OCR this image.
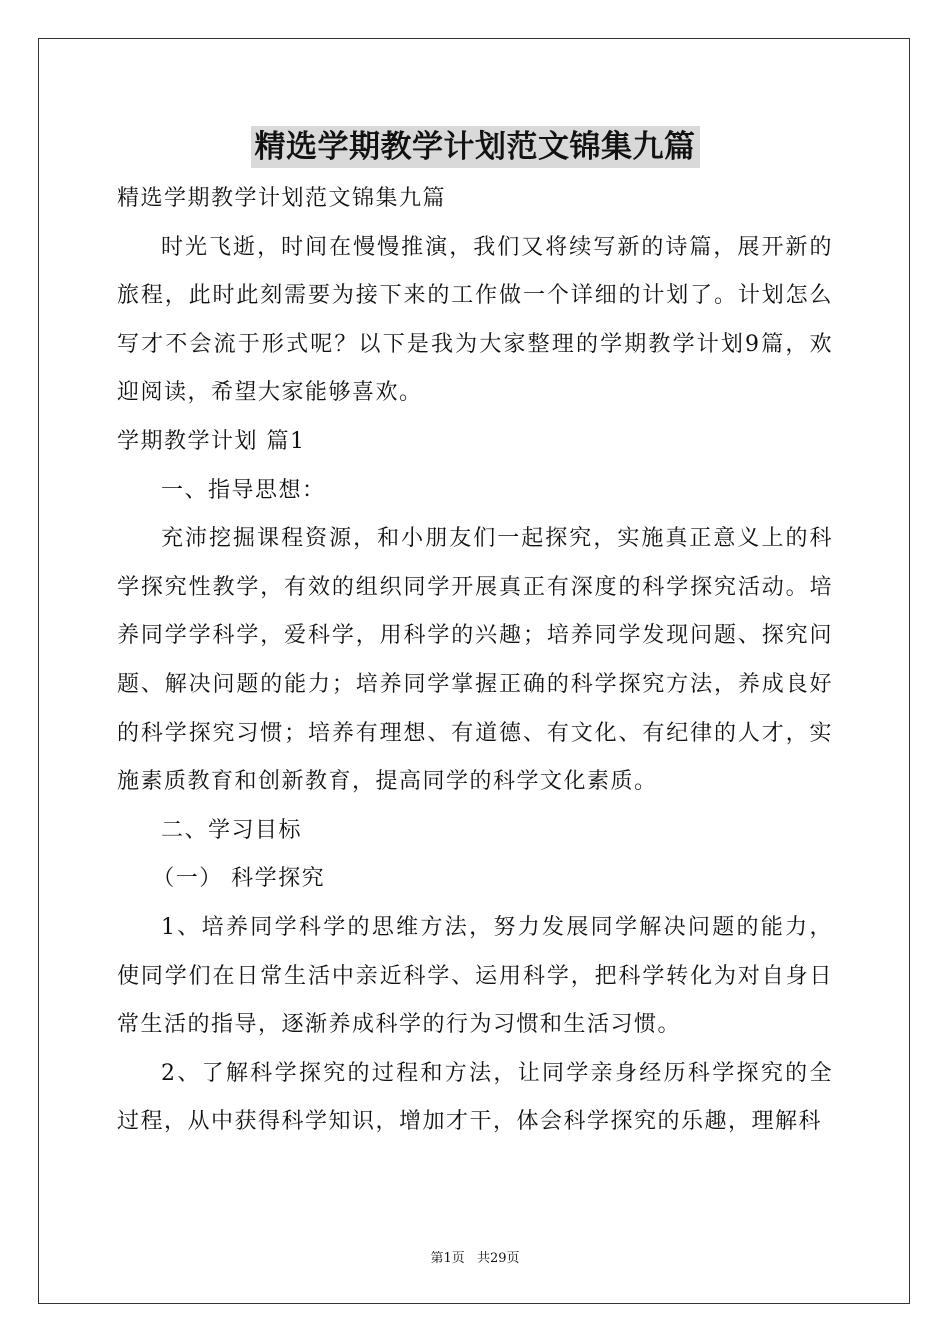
精选学期教学计划范文锦集九篇

精选学期教学计划范文锦集九篇

时光飞逝，时间在慢慢推演，我们又将续写新的诗篇，展开新的旅程，此时此刻需要为接下来的工作做一个详细的计划了。计划怎么写才不会流于形式呢？以下是我为大家整理的学期教学计划9篇，欢迎阅读，希望大家能够喜欢。

学期教学计划 篇1

一、指导思想：

充沛挖掘课程资源，和小朋友们一起探究，实施真正意义上的科学探究性教学，有效的组织同学开展真正有深度的科学探究活动。培养同学学科学，爱科学，用科学的兴趣；培养同学发现问题、探究问题、解决问题的能力；培养同学掌握正确的科学探究方法，养成良好的科学探究习惯；培养有理想、有道德、有文化、有纪律的人才，实施素质教育和创新教育，提高同学的科学文化素质。

二、学习目标

（一） 科学探究

1、培养同学科学的思维方法，努力发展同学解决问题的能力，使同学们在日常生活中亲近科学、运用科学，把科学转化为对自身日常生活的指导，逐渐养成科学的行为习惯和生活习惯。

2、了解科学探究的过程和方法，让同学亲身经历科学探究的全过程，从中获得科学知识，增加才干，体会科学探究的乐趣，理解科

第1页 共29页
